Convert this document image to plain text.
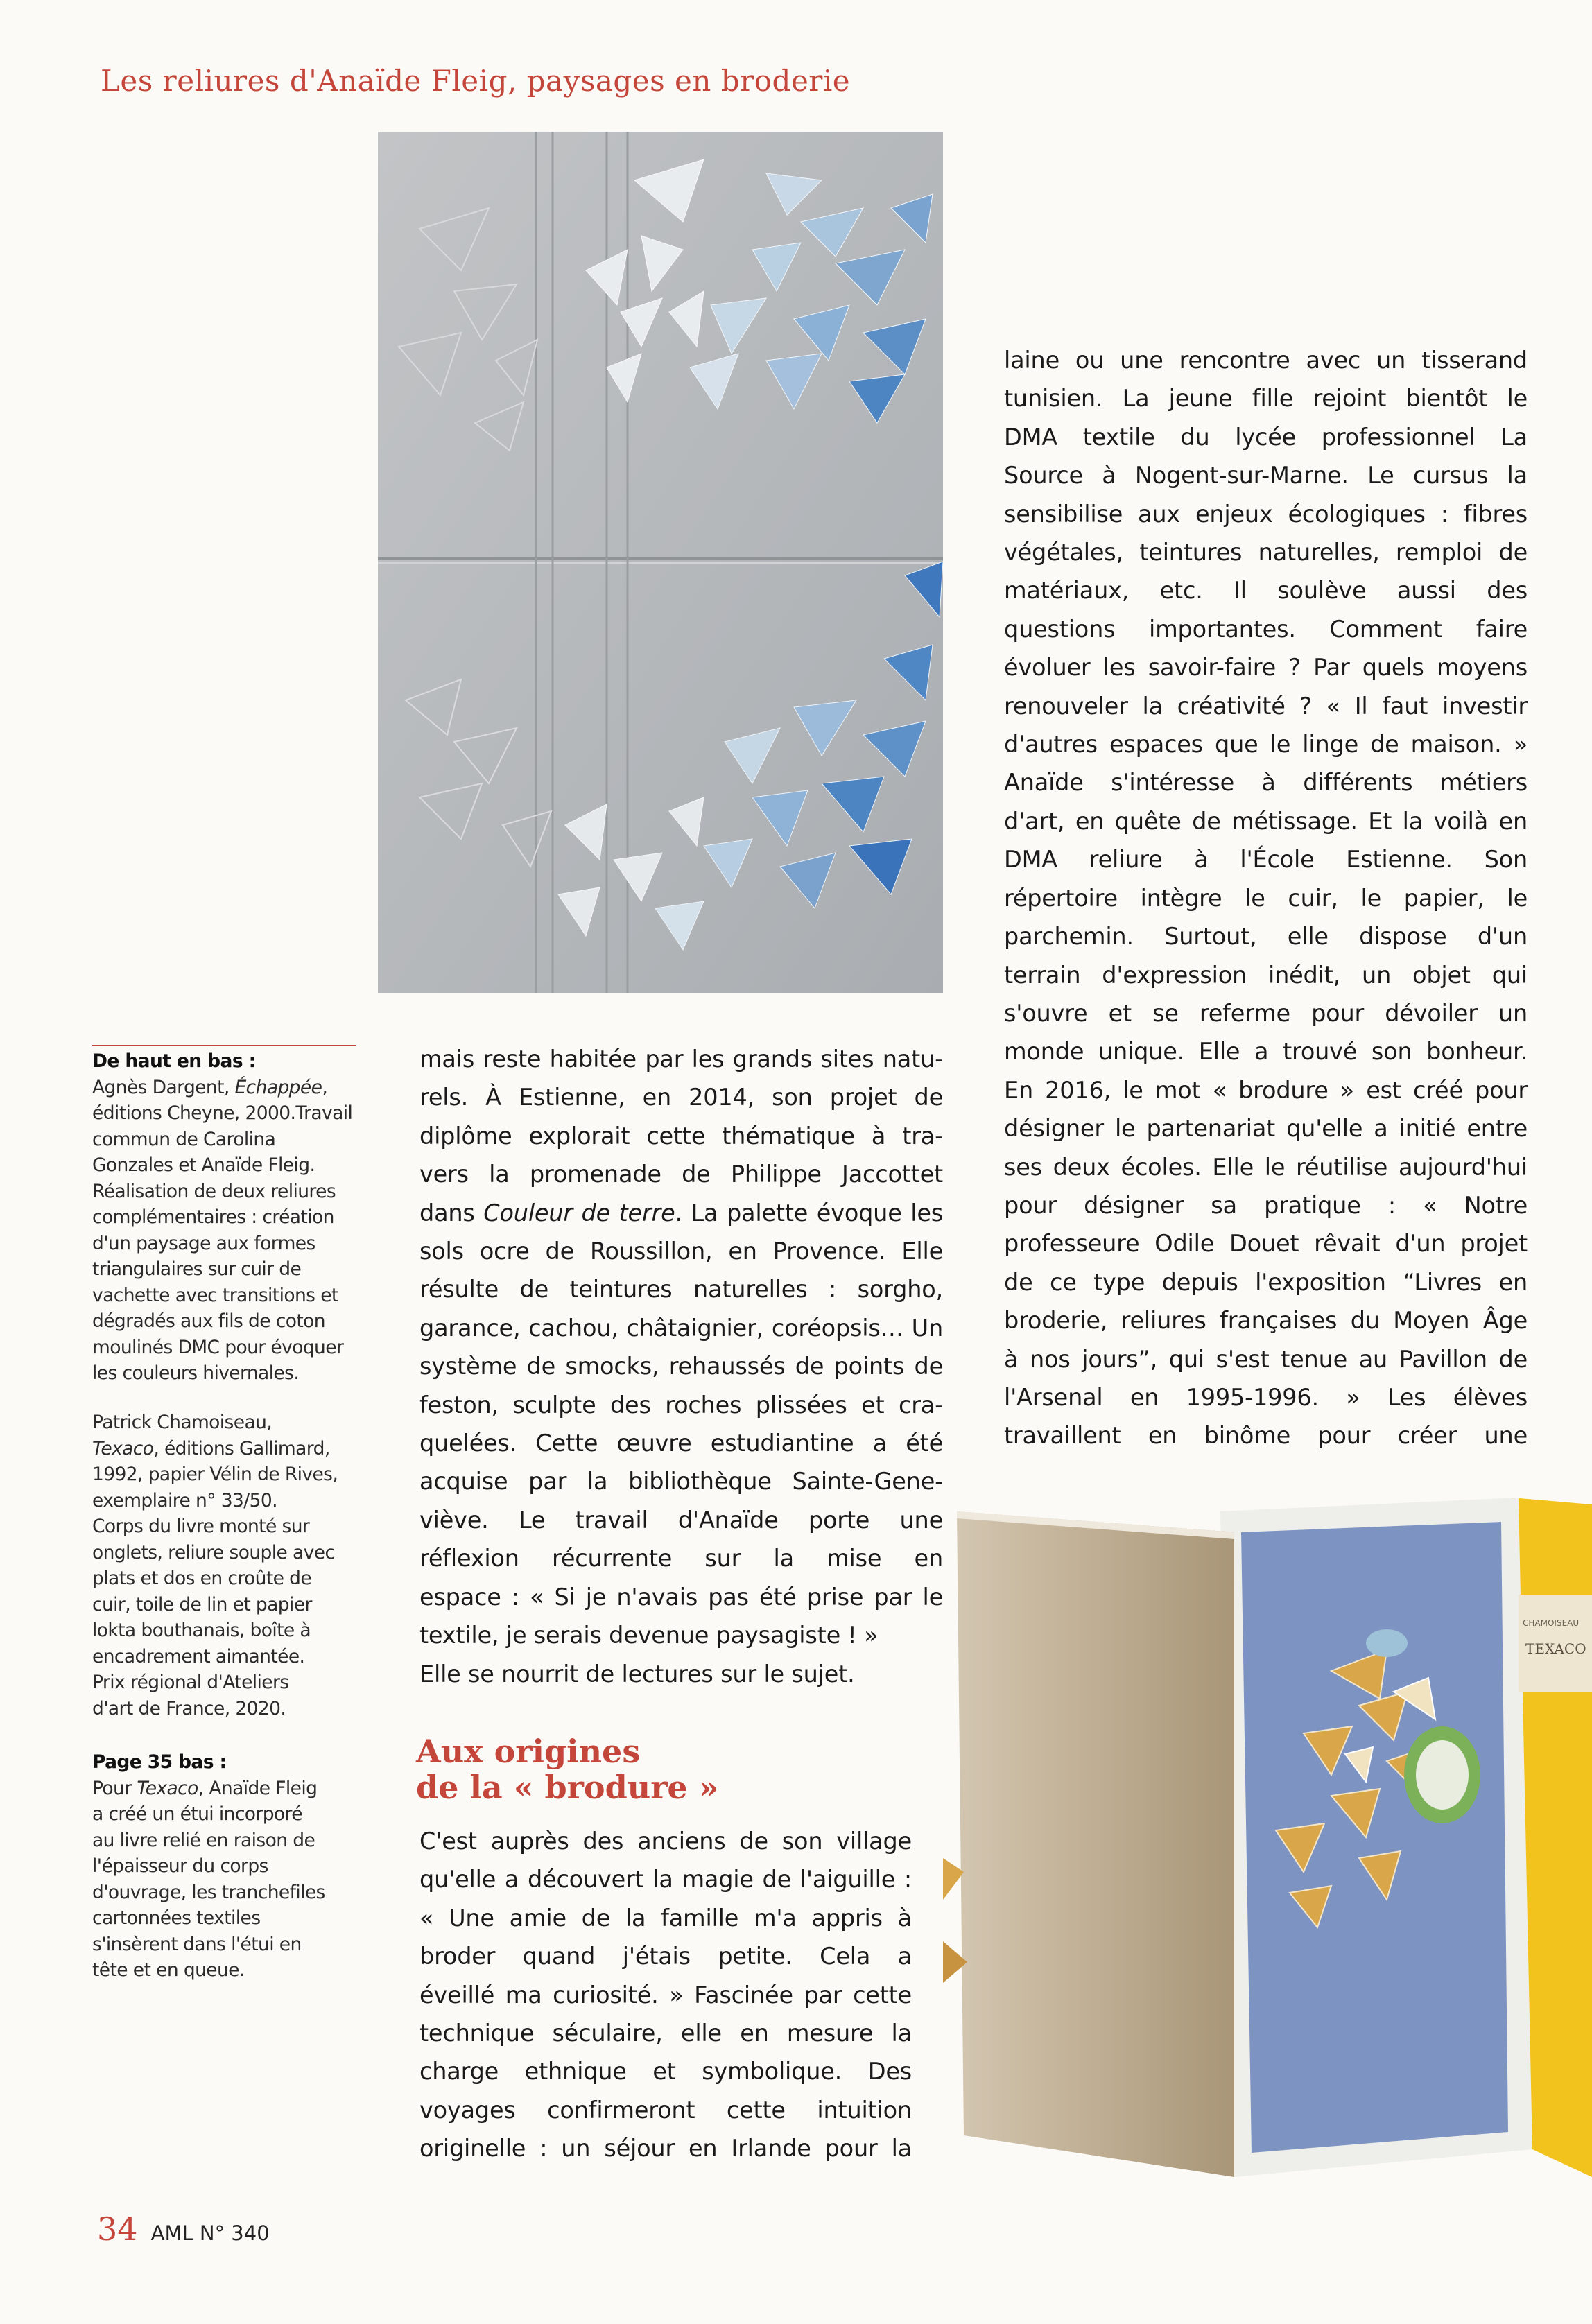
Les reliures d'Anaïde Fleig, paysages en broderie
De haut en bas :
Agnès Dargent, Échappée,
éditions Cheyne, 2000.Travail
commun de Carolina
Gonzales et Anaïde Fleig.
Réalisation de deux reliures
complémentaires : création
d'un paysage aux formes
triangulaires sur cuir de
vachette avec transitions et
dégradés aux fils de coton
moulinés DMC pour évoquer
les couleurs hivernales.
Patrick Chamoiseau,
Texaco, éditions Gallimard,
1992, papier Vélin de Rives,
exemplaire n° 33/50.
Corps du livre monté sur
onglets, reliure souple avec
plats et dos en croûte de
cuir, toile de lin et papier
lokta bouthanais, boîte à
encadrement aimantée.
Prix régional d'Ateliers
d'art de France, 2020.
Page 35 bas :
Pour Texaco, Anaïde Fleig
a créé un étui incorporé
au livre relié en raison de
l'épaisseur du corps
d'ouvrage, les tranchefiles
cartonnées textiles
s'insèrent dans l'étui en
tête et en queue.
mais reste habitée par les grands sites natu-
rels. À Estienne, en 2014, son projet de
diplôme explorait cette thématique à tra-
vers la promenade de Philippe Jaccottet
dans Couleur de terre. La palette évoque les
sols ocre de Roussillon, en Provence. Elle
résulte de teintures naturelles : sorgho,
garance, cachou, châtaignier, coréopsis… Un
système de smocks, rehaussés de points de
feston, sculpte des roches plissées et cra-
quelées. Cette œuvre estudiantine a été
acquise par la bibliothèque Sainte-Gene-
viève. Le travail d'Anaïde porte une
réflexion récurrente sur la mise en
espace : « Si je n'avais pas été prise par le
textile, je serais devenue paysagiste ! »
Elle se nourrit de lectures sur le sujet.
Aux origines
de la « brodure »
C'est auprès des anciens de son village
qu'elle a découvert la magie de l'aiguille :
« Une amie de la famille m'a appris à
broder quand j'étais petite. Cela a
éveillé ma curiosité. » Fascinée par cette
technique séculaire, elle en mesure la
charge ethnique et symbolique. Des
voyages confirmeront cette intuition
originelle : un séjour en Irlande pour la
laine ou une rencontre avec un tisserand
tunisien. La jeune fille rejoint bientôt le
DMA textile du lycée professionnel La
Source à Nogent-sur-Marne. Le cursus la
sensibilise aux enjeux écologiques : fibres
végétales, teintures naturelles, remploi de
matériaux, etc. Il soulève aussi des
questions importantes. Comment faire
évoluer les savoir-faire ? Par quels moyens
renouveler la créativité ? « Il faut investir
d'autres espaces que le linge de maison. »
Anaïde s'intéresse à différents métiers
d'art, en quête de métissage. Et la voilà en
DMA reliure à l'École Estienne. Son
répertoire intègre le cuir, le papier, le
parchemin. Surtout, elle dispose d'un
terrain d'expression inédit, un objet qui
s'ouvre et se referme pour dévoiler un
monde unique. Elle a trouvé son bonheur.
En 2016, le mot « brodure » est créé pour
désigner le partenariat qu'elle a initié entre
ses deux écoles. Elle le réutilise aujourd'hui
pour désigner sa pratique : « Notre
professeure Odile Douet rêvait d'un projet
de ce type depuis l'exposition “Livres en
broderie, reliures françaises du Moyen Âge
à nos jours”, qui s'est tenue au Pavillon de
l'Arsenal en 1995-1996. » Les élèves
travaillent en binôme pour créer une
CHAMOISEAU
TEXACO
34 AML N° 340
